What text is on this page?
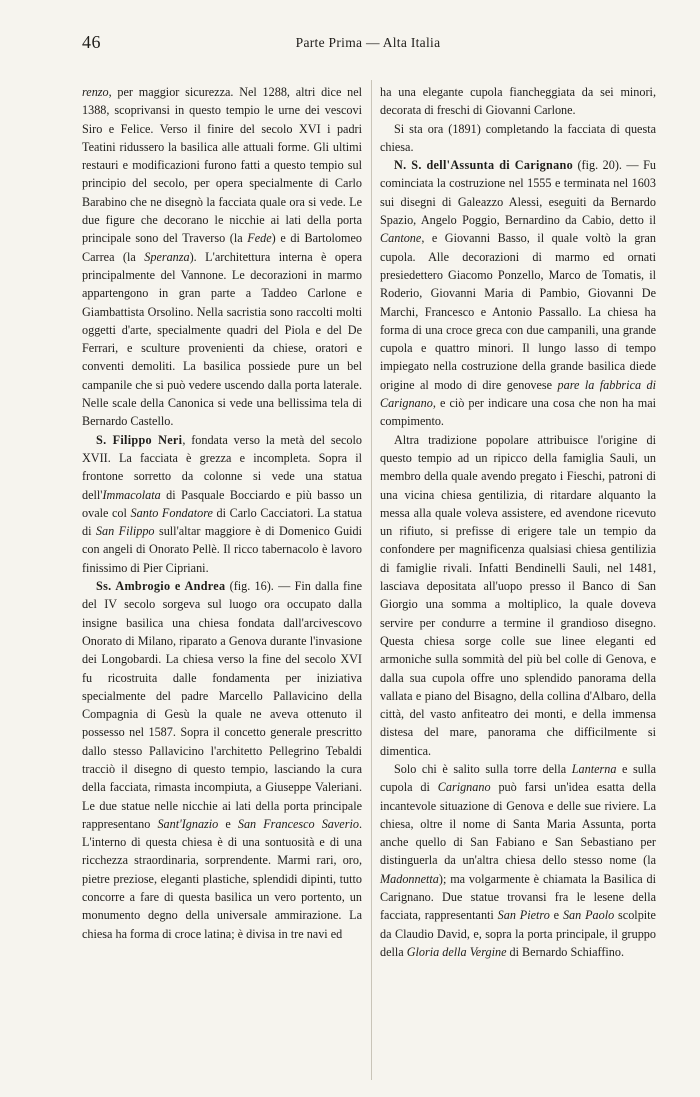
46	Parte Prima — Alta Italia

renzo, per maggior sicurezza. Nel 1288, altri dice nel 1388, scoprivansi in questo tempio le urne dei vescovi Siro e Felice. Verso il finire del secolo XVI i padri Teatini ridussero la basilica alle attuali forme. Gli ultimi restauri e modificazioni furono fatti a questo tempio sul principio del secolo, per opera specialmente di Carlo Barabino che ne disegnò la facciata quale ora si vede. Le due figure che decorano le nicchie ai lati della porta principale sono del Traverso (la Fede) e di Bartolomeo Carrea (la Speranza). L'architettura interna è opera principalmente del Vannone. Le decorazioni in marmo appartengono in gran parte a Taddeo Carlone e Giambattista Orsolino. Nella sacristia sono raccolti molti oggetti d'arte, specialmente quadri del Piola e del De Ferrari, e sculture provenienti da chiese, oratori e conventi demoliti. La basilica possiede pure un bel campanile che si può vedere uscendo dalla porta laterale. Nelle scale della Canonica si vede una bellissima tela di Bernardo Castello.

S. Filippo Neri, fondata verso la metà del secolo XVII. La facciata è grezza e incompleta. Sopra il frontone sorretto da colonne si vede una statua dell'Immacolata di Pasquale Bocciardo e più basso un ovale col Santo Fondatore di Carlo Cacciatori. La statua di San Filippo sull'altar maggiore è di Domenico Guidi con angeli di Onorato Pellè. Il ricco tabernacolo è lavoro finissimo di Pier Cipriani.

Ss. Ambrogio e Andrea (fig. 16). — Fin dalla fine del IV secolo sorgeva sul luogo ora occupato dalla insigne basilica una chiesa fondata dall'arcivescovo Onorato di Milano, riparato a Genova durante l'invasione dei Longobardi. La chiesa verso la fine del secolo XVI fu ricostruita dalle fondamenta per iniziativa specialmente del padre Marcello Pallavicino della Compagnia di Gesù la quale ne aveva ottenuto il possesso nel 1587. Sopra il concetto generale prescritto dallo stesso Pallavicino l'architetto Pellegrino Tebaldi tracciò il disegno di questo tempio, lasciando la cura della facciata, rimasta incompiuta, a Giuseppe Valeriani. Le due statue nelle nicchie ai lati della porta principale rappresentano Sant'Ignazio e San Francesco Saverio. L'interno di questa chiesa è di una sontuosità e di una ricchezza straordinaria, sorprendente. Marmi rari, oro, pietre preziose, eleganti plastiche, splendidi dipinti, tutto concorre a fare di questa basilica un vero portento, un monumento degno della universale ammirazione. La chiesa ha forma di croce latina; è divisa in tre navi ed

ha una elegante cupola fiancheggiata da sei minori, decorata di freschi di Giovanni Carlone.

Si sta ora (1891) completando la facciata di questa chiesa.

N. S. dell'Assunta di Carignano (fig. 20). — Fu cominciata la costruzione nel 1555 e terminata nel 1603 sui disegni di Galeazzo Alessi, eseguiti da Bernardo Spazio, Angelo Poggio, Bernardino da Cabio, detto il Cantone, e Giovanni Basso, il quale voltò la gran cupola. Alle decorazioni di marmo ed ornati presiedettero Giacomo Ponzello, Marco de Tomatis, il Roderio, Giovanni Maria di Pambio, Giovanni De Marchi, Francesco e Antonio Passallo. La chiesa ha forma di una croce greca con due campanili, una grande cupola e quattro minori. Il lungo lasso di tempo impiegato nella costruzione della grande basilica diede origine al modo di dire genovese pare la fabbrica di Carignano, e ciò per indicare una cosa che non ha mai compimento.

Altra tradizione popolare attribuisce l'origine di questo tempio ad un ripicco della famiglia Sauli, un membro della quale avendo pregato i Fieschi, patroni di una vicina chiesa gentilizia, di ritardare alquanto la messa alla quale voleva assistere, ed avendone ricevuto un rifiuto, si prefisse di erigere tale un tempio da confondere per magnificenza qualsiasi chiesa gentilizia di famiglie rivali. Infatti Bendinelli Sauli, nel 1481, lasciava depositata all'uopo presso il Banco di San Giorgio una somma a moltiplico, la quale doveva servire per condurre a termine il grandioso disegno. Questa chiesa sorge colle sue linee eleganti ed armoniche sulla sommità del più bel colle di Genova, e dalla sua cupola offre uno splendido panorama della vallata e piano del Bisagno, della collina d'Albaro, della città, del vasto anfiteatro dei monti, e della immensa distesa del mare, panorama che difficilmente si dimentica.

Solo chi è salito sulla torre della Lanterna e sulla cupola di Carignano può farsi un'idea esatta della incantevole situazione di Genova e delle sue riviere. La chiesa, oltre il nome di Santa Maria Assunta, porta anche quello di San Fabiano e San Sebastiano per distinguerla da un'altra chiesa dello stesso nome (la Madonnetta); ma volgarmente è chiamata la Basilica di Carignano. Due statue trovansi fra le lesene della facciata, rappresentanti San Pietro e San Paolo scolpite da Claudio David, e, sopra la porta principale, il gruppo della Gloria della Vergine di Bernardo Schiaffino.
